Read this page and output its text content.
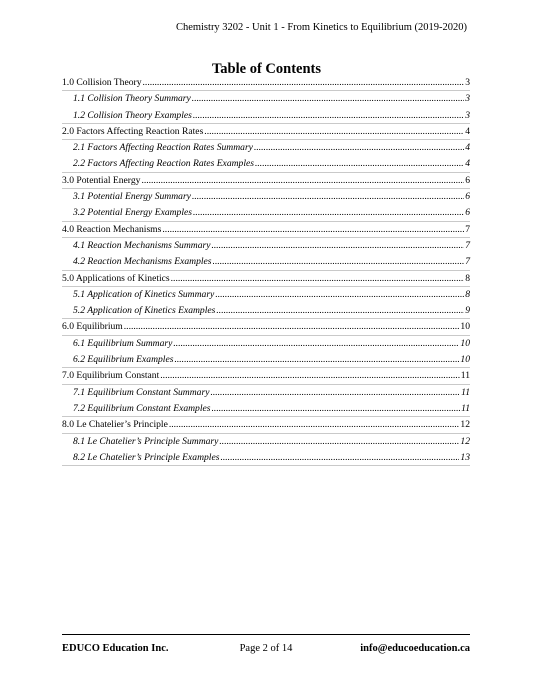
Chemistry 3202 - Unit 1 - From Kinetics to Equilibrium (2019-2020)
Table of Contents
1.0 Collision Theory .....	3
1.1 Collision Theory Summary .....	3
1.2 Collision Theory Examples .....	3
2.0 Factors Affecting Reaction Rates .....	4
2.1 Factors Affecting Reaction Rates Summary .....	4
2.2 Factors Affecting Reaction Rates Examples .....	4
3.0 Potential Energy .....	6
3.1 Potential Energy Summary .....	6
3.2 Potential Energy Examples .....	6
4.0 Reaction Mechanisms .....	7
4.1 Reaction Mechanisms Summary .....	7
4.2 Reaction Mechanisms Examples .....	7
5.0 Applications of Kinetics .....	8
5.1 Application of Kinetics Summary .....	8
5.2 Application of Kinetics Examples .....	9
6.0 Equilibrium .....	10
6.1 Equilibrium Summary .....	10
6.2 Equilibrium Examples .....	10
7.0 Equilibrium Constant .....	11
7.1 Equilibrium Constant Summary .....	11
7.2 Equilibrium Constant Examples .....	11
8.0 Le Chatelier’s Principle .....	12
8.1 Le Chatelier’s Principle Summary .....	12
8.2 Le Chatelier’s Principle Examples .....	13
EDUCO Education Inc.	Page 2 of 14	info@educoeducation.ca
